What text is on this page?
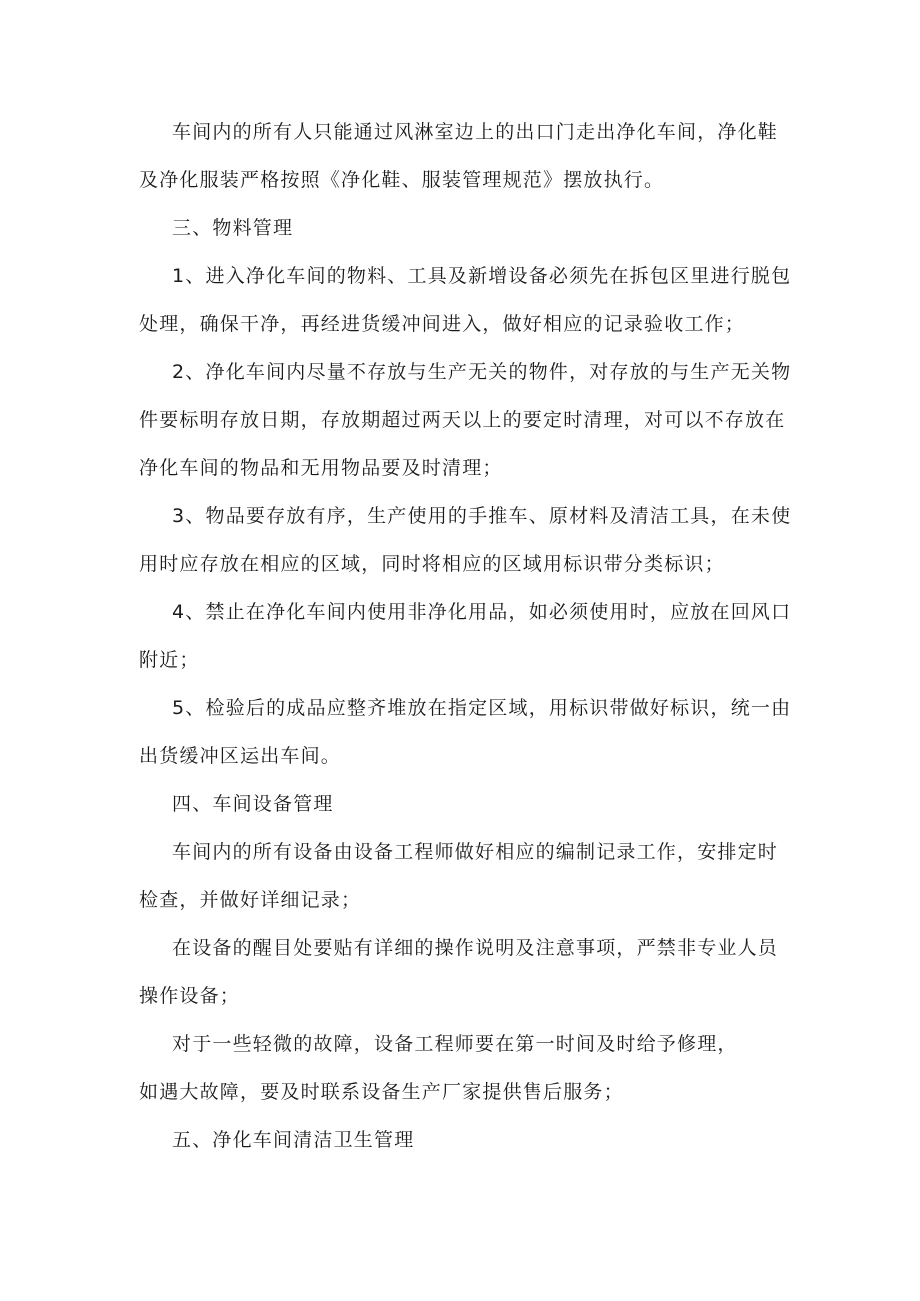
车间内的所有人只能通过风淋室边上的出口门走出净化车间，净化鞋
及净化服装严格按照《净化鞋、服装管理规范》摆放执行。
三、物料管理
1、进入净化车间的物料、工具及新增设备必须先在拆包区里进行脱包
处理，确保干净，再经进货缓冲间进入，做好相应的记录验收工作；
2、净化车间内尽量不存放与生产无关的物件，对存放的与生产无关物
件要标明存放日期，存放期超过两天以上的要定时清理，对可以不存放在
净化车间的物品和无用物品要及时清理；
3、物品要存放有序，生产使用的手推车、原材料及清洁工具，在未使
用时应存放在相应的区域，同时将相应的区域用标识带分类标识；
4、禁止在净化车间内使用非净化用品，如必须使用时，应放在回风口
附近；
5、检验后的成品应整齐堆放在指定区域，用标识带做好标识，统一由
出货缓冲区运出车间。
四、车间设备管理
车间内的所有设备由设备工程师做好相应的编制记录工作，安排定时
检查，并做好详细记录；
在设备的醒目处要贴有详细的操作说明及注意事项，严禁非专业人员
操作设备；
对于一些轻微的故障，设备工程师要在第一时间及时给予修理，
如遇大故障，要及时联系设备生产厂家提供售后服务；
五、净化车间清洁卫生管理
